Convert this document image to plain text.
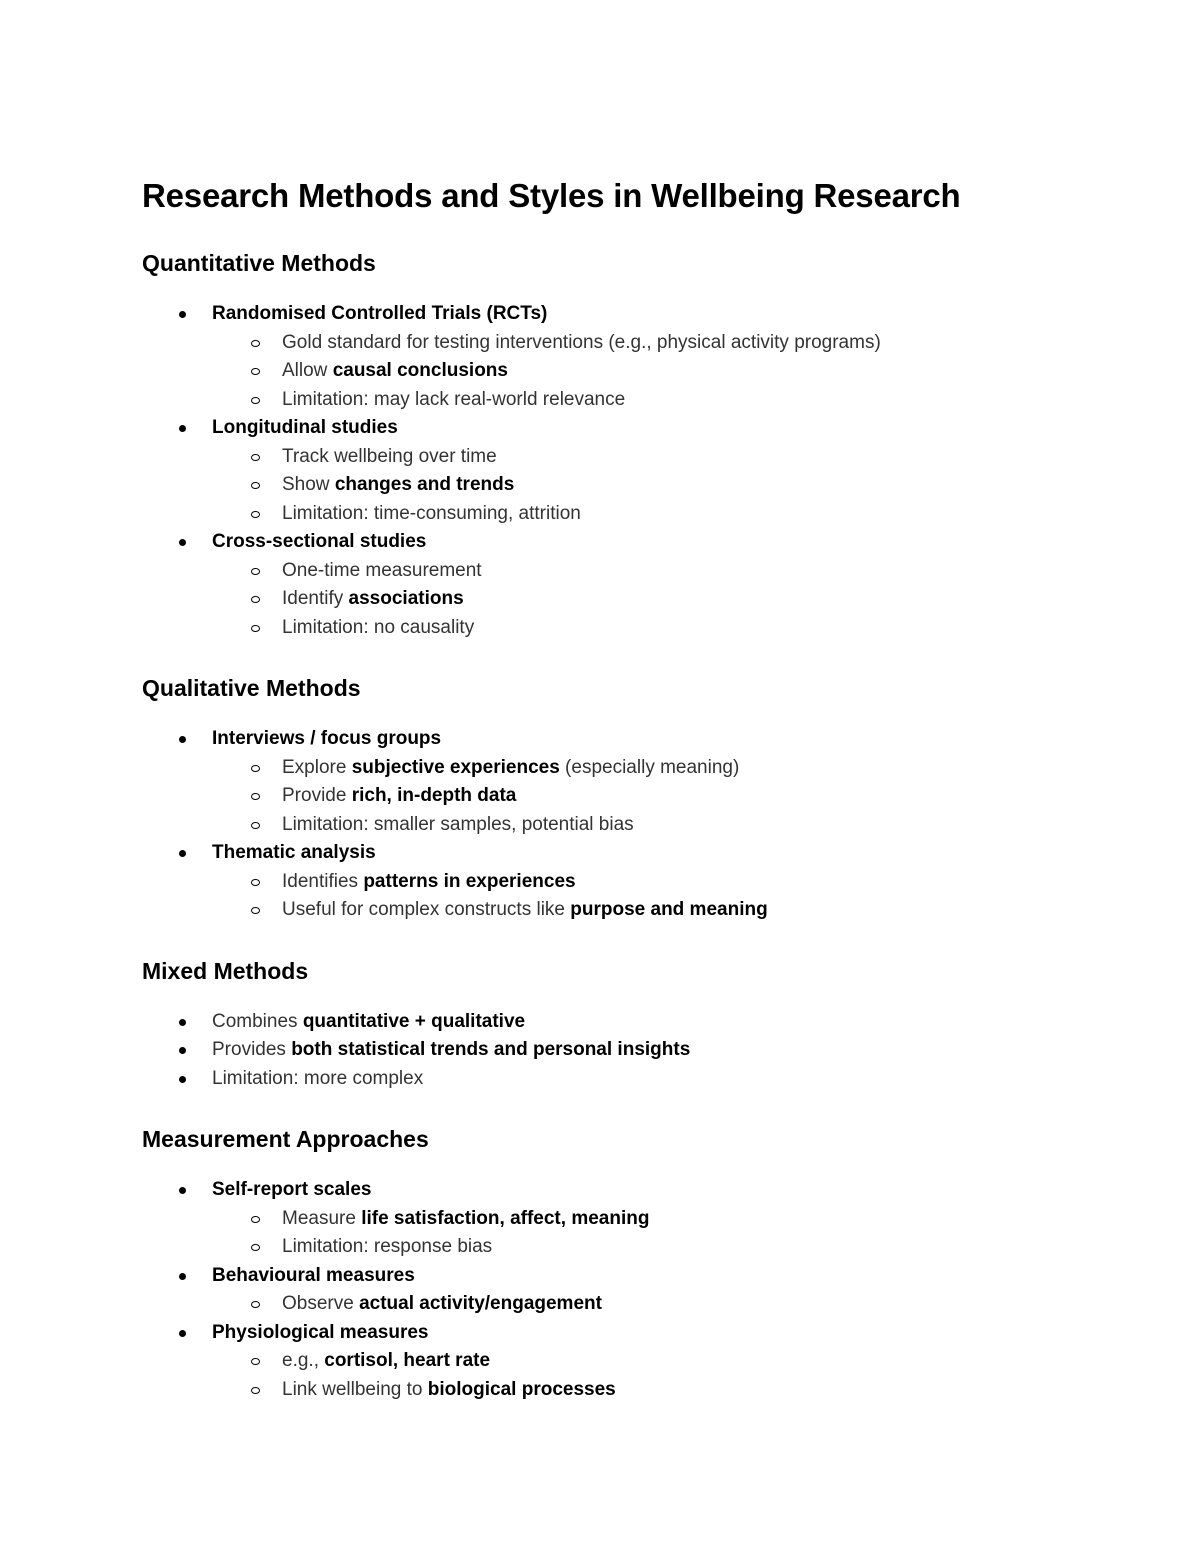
Research Methods and Styles in Wellbeing Research
Quantitative Methods
Randomised Controlled Trials (RCTs)
Gold standard for testing interventions (e.g., physical activity programs)
Allow causal conclusions
Limitation: may lack real-world relevance
Longitudinal studies
Track wellbeing over time
Show changes and trends
Limitation: time-consuming, attrition
Cross-sectional studies
One-time measurement
Identify associations
Limitation: no causality
Qualitative Methods
Interviews / focus groups
Explore subjective experiences (especially meaning)
Provide rich, in-depth data
Limitation: smaller samples, potential bias
Thematic analysis
Identifies patterns in experiences
Useful for complex constructs like purpose and meaning
Mixed Methods
Combines quantitative + qualitative
Provides both statistical trends and personal insights
Limitation: more complex
Measurement Approaches
Self-report scales
Measure life satisfaction, affect, meaning
Limitation: response bias
Behavioural measures
Observe actual activity/engagement
Physiological measures
e.g., cortisol, heart rate
Link wellbeing to biological processes
